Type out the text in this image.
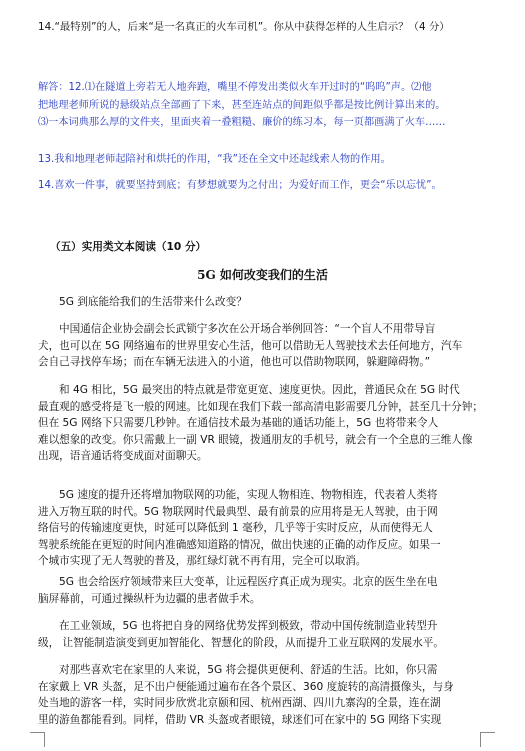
14.“最特别”的人，后来“是一名真正的火车司机”。你从中获得怎样的人生启示？（4 分）

解答：12.⑴在隧道上旁若无人地奔跑，嘴里不停发出类似火车开过时的“呜呜”声。⑵他

把地理老师所说的悬级站点全部画了下来，甚至连站点的间距似乎都是按比例计算出来的。

⑶一本词典那么厚的文件夹，里面夹着一叠粗糙、廉价的练习本，每一页都画满了火车……

13.我和地理老师起陪衬和烘托的作用，“我”还在全文中还起线索人物的作用。

14.喜欢一件事，就要坚持到底；有梦想就要为之付出；为爱好而工作，更会“乐以忘忧”。

（五）实用类文本阅读（10 分）
5G 如何改变我们的生活

5G 到底能给我们的生活带来什么改变？

中国通信企业协会副会长武锁宁多次在公开场合举例回答：“一个盲人不用带导盲

犬，也可以在 5G 网络遍布的世界里安心生活，他可以借助无人驾驶技术去任何地方，汽车

会自己寻找停车场；而在车辆无法进入的小道，他也可以借助物联网，躲避障碍物。”

和 4G 相比，5G 最突出的特点就是带宽更宽、速度更快。因此，普通民众在 5G 时代

最直观的感受将是飞一般的网速。比如现在我们下载一部高清电影需要几分钟，甚至几十分钟；

但在 5G 网络下只需要几秒钟。在通信技术最为基础的通话功能上，5G 也将带来令人

难以想象的改变。你只需戴上一副 VR 眼镜，拨通朋友的手机号，就会有一个全息的三维人像

出现，语音通话将变成面对面聊天。

5G 速度的提升还将增加物联网的功能，实现人物相连、物物相连，代表着人类将

进入万物互联的时代。5G 物联网时代最典型、最有前景的应用将是无人驾驶，由于网

络信号的传输速度更快，时延可以降低到 1 毫秒，几乎等于实时反应，从而使得无人

驾驶系统能在更短的时间内准确感知道路的情况，做出快速的正确的动作反应。如果一

个城市实现了无人驾驶的普及，那红绿灯就不再有用，完全可以取消。

5G 也会给医疗领域带来巨大变革，让远程医疗真正成为现实。北京的医生坐在电

脑屏幕前，可通过操纵杆为边疆的患者做手术。

在工业领域，5G 也将把自身的网络优势发挥到极致，带动中国传统制造业转型升

级， 让智能制造演变到更加智能化、智慧化的阶段，从而提升工业互联网的发展水平。

对那些喜欢宅在家里的人来说，5G 将会提供更便利、舒适的生活。比如，你只需

在家戴上 VR 头盔，足不出户便能通过遍布在各个景区、360 度旋转的高清摄像头，与身

处当地的游客一样，实时同步欣赏北京颐和园、杭州西湖、四川九寨沟的全景，连在湖

里的游鱼都能看到。同样，借助 VR 头盔或者眼镜，球迷们可在家中的 5G 网络下实现
